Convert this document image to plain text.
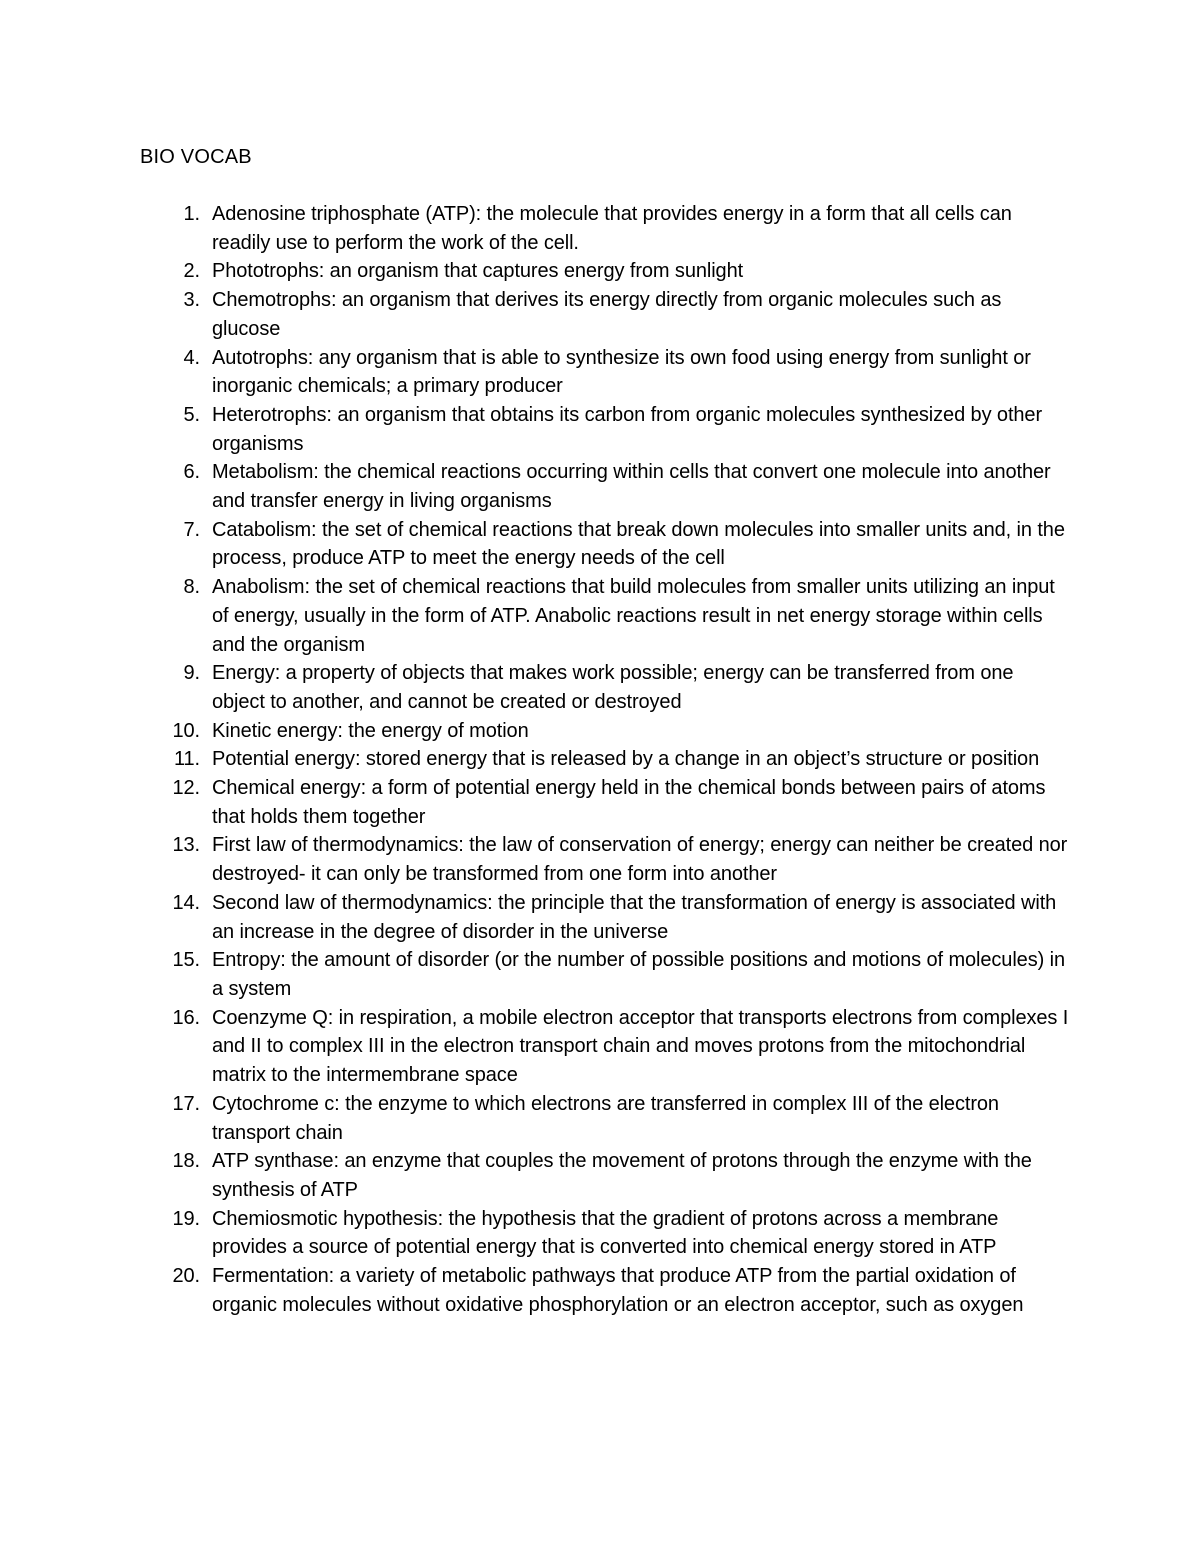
BIO VOCAB
1. Adenosine triphosphate (ATP): the molecule that provides energy in a form that all cells can readily use to perform the work of the cell.
2. Phototrophs: an organism that captures energy from sunlight
3. Chemotrophs: an organism that derives its energy directly from organic molecules such as glucose
4. Autotrophs: any organism that is able to synthesize its own food using energy from sunlight or inorganic chemicals; a primary producer
5. Heterotrophs: an organism that obtains its carbon from organic molecules synthesized by other organisms
6. Metabolism: the chemical reactions occurring within cells that convert one molecule into another and transfer energy in living organisms
7. Catabolism: the set of chemical reactions that break down molecules into smaller units and, in the process, produce ATP to meet the energy needs of the cell
8. Anabolism: the set of chemical reactions that build molecules from smaller units utilizing an input of energy, usually in the form of ATP. Anabolic reactions result in net energy storage within cells and the organism
9. Energy: a property of objects that makes work possible; energy can be transferred from one object to another, and cannot be created or destroyed
10. Kinetic energy: the energy of motion
11. Potential energy: stored energy that is released by a change in an object’s structure or position
12. Chemical energy: a form of potential energy held in the chemical bonds between pairs of atoms that holds them together
13. First law of thermodynamics: the law of conservation of energy; energy can neither be created nor destroyed- it can only be transformed from one form into another
14. Second law of thermodynamics: the principle that the transformation of energy is associated with an increase in the degree of disorder in the universe
15. Entropy: the amount of disorder (or the number of possible positions and motions of molecules) in a system
16. Coenzyme Q: in respiration, a mobile electron acceptor that transports electrons from complexes I and II to complex III in the electron transport chain and moves protons from the mitochondrial matrix to the intermembrane space
17. Cytochrome c: the enzyme to which electrons are transferred in complex III of the electron transport chain
18. ATP synthase: an enzyme that couples the movement of protons through the enzyme with the synthesis of ATP
19. Chemiosmotic hypothesis: the hypothesis that the gradient of protons across a membrane provides a source of potential energy that is converted into chemical energy stored in ATP
20. Fermentation: a variety of metabolic pathways that produce ATP from the partial oxidation of organic molecules without oxidative phosphorylation or an electron acceptor, such as oxygen
